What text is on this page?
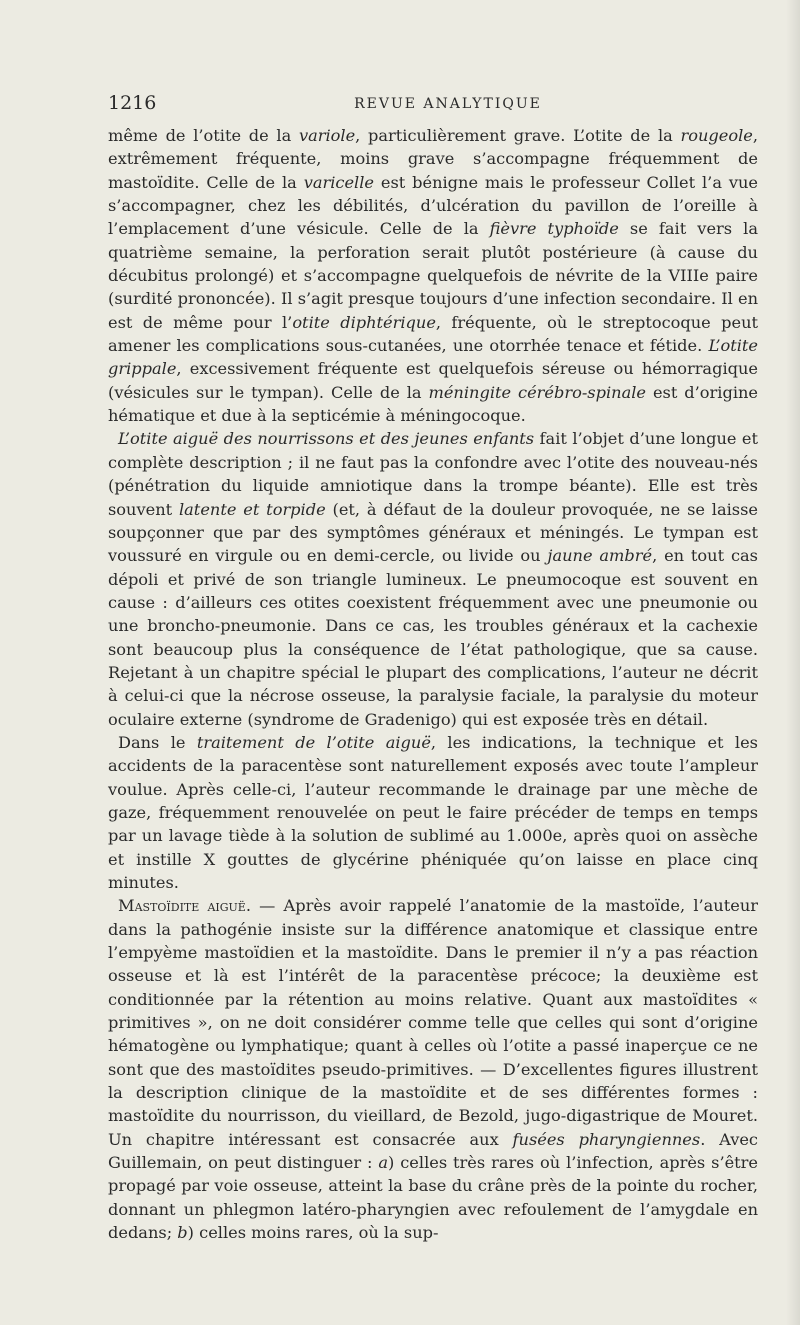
1216	REVUE ANALYTIQUE

même de l’otite de la variole, particulièrement grave. L’otite de la rougeole, extrêmement fréquente, moins grave s’accompagne fréquemment de mastoïdite. Celle de la varicelle est bénigne mais le professeur Collet l’a vue s’accompagner, chez les débilités, d’ulcération du pavillon de l’oreille à l’emplacement d’une vésicule. Celle de la fièvre typhoïde se fait vers la quatrième semaine, la perforation serait plutôt postérieure (à cause du décubitus prolongé) et s’accompagne quelquefois de névrite de la VIIIe paire (surdité prononcée). Il s’agit presque toujours d’une infection secondaire. Il en est de même pour l’otite diphtérique, fréquente, où le streptocoque peut amener les complications sous-cutanées, une otorrhée tenace et fétide. L’otite grippale, excessivement fréquente est quelquefois séreuse ou hémorragique (vésicules sur le tympan). Celle de la méningite cérébro-spinale est d’origine hématique et due à la septicémie à méningocoque.

L’otite aiguë des nourrissons et des jeunes enfants fait l’objet d’une longue et complète description ; il ne faut pas la confondre avec l’otite des nouveau-nés (pénétration du liquide amniotique dans la trompe béante). Elle est très souvent latente et torpide (et, à défaut de la douleur provoquée, ne se laisse soupçonner que par des symptômes généraux et méningés. Le tympan est voussuré en virgule ou en demi-cercle, ou livide ou jaune ambré, en tout cas dépoli et privé de son triangle lumineux. Le pneumocoque est souvent en cause : d’ailleurs ces otites coexistent fréquemment avec une pneumonie ou une broncho-pneumonie. Dans ce cas, les troubles généraux et la cachexie sont beaucoup plus la conséquence de l’état pathologique, que sa cause. Rejetant à un chapitre spécial le plupart des complications, l’auteur ne décrit à celui-ci que la nécrose osseuse, la paralysie faciale, la paralysie du moteur oculaire externe (syndrome de Gradenigo) qui est exposée très en détail.

Dans le traitement de l’otite aiguë, les indications, la technique et les accidents de la paracentèse sont naturellement exposés avec toute l’ampleur voulue. Après celle-ci, l’auteur recommande le drainage par une mèche de gaze, fréquemment renouvelée on peut le faire précéder de temps en temps par un lavage tiède à la solution de sublimé au 1.000e, après quoi on assèche et instille X gouttes de glycérine phéniquée qu’on laisse en place cinq minutes.

Mastoïdite aiguë. — Après avoir rappelé l’anatomie de la mastoïde, l’auteur dans la pathogénie insiste sur la différence anatomique et classique entre l’empyème mastoïdien et la mastoïdite. Dans le premier il n’y a pas réaction osseuse et là est l’intérêt de la paracentèse précoce; la deuxième est conditionnée par la rétention au moins relative. Quant aux mastoïdites « primitives », on ne doit considérer comme telle que celles qui sont d’origine hématogène ou lymphatique; quant à celles où l’otite a passé inaperçue ce ne sont que des mastoïdites pseudo-primitives. — D’excellentes figures illustrent la description clinique de la mastoïdite et de ses différentes formes : mastoïdite du nourrisson, du vieillard, de Bezold, jugo-digastrique de Mouret. Un chapitre intéressant est consacrée aux fusées pharyngiennes. Avec Guillemain, on peut distinguer : a) celles très rares où l’infection, après s’être propagé par voie osseuse, atteint la base du crâne près de la pointe du rocher, donnant un phlegmon latéro-pharyngien avec refoulement de l’amygdale en dedans; b) celles moins rares, où la sup-
